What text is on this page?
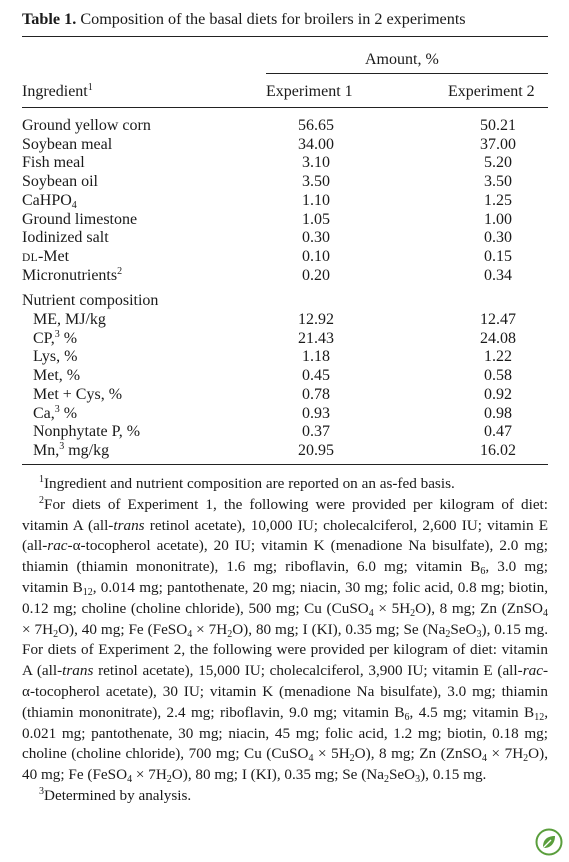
Table 1. Composition of the basal diets for broilers in 2 experiments
Amount, %
Ingredient$^1$	Experiment 1	Experiment 2
Ground yellow corn	56.65	50.21
Soybean meal	34.00	37.00
Fish meal	3.10	5.20
Soybean oil	3.50	3.50
CaHPO$_4$	1.10	1.25
Ground limestone	1.05	1.00
Iodinized salt	0.30	0.30
DL-Met	0.10	0.15
Micronutrients$^2$	0.20	0.34
Nutrient composition
ME, MJ/kg	12.92	12.47
CP,$^3$ %	21.43	24.08
Lys, %	1.18	1.22
Met, %	0.45	0.58
Met + Cys, %	0.78	0.92
Ca,$^3$ %	0.93	0.98
Nonphytate P, %	0.37	0.47
Mn,$^3$ mg/kg	20.95	16.02

$^1$Ingredient and nutrient composition are reported on an as-fed basis.

$^2$For diets of Experiment 1, the following were provided per kilogram of diet: vitamin A (all-trans retinol acetate), 10,000 IU; cholecalciferol, 2,600 IU; vitamin E (all-rac-α-tocopherol acetate), 20 IU; vitamin K (menadione Na bisulfate), 2.0 mg; thiamin (thiamin mononitrate), 1.6 mg; riboflavin, 6.0 mg; vitamin $B_6$, 3.0 mg; vitamin $B_{12}$, 0.014 mg; pantothenate, 20 mg; niacin, 30 mg; folic acid, 0.8 mg; biotin, 0.12 mg; choline (choline chloride), 500 mg; Cu (CuSO$_4$ × $5H_2O$), 8 mg; Zn (ZnSO$_4$ × $7H_2O$), 40 mg; Fe (FeSO$_4$ × $7H_2O$), 80 mg; I (KI), 0.35 mg; Se $(Na_2SeO_3)$, 0.15 mg. For diets of Experiment 2, the following were provided per kilogram of diet: vitamin A (all-trans retinol acetate), 15,000 IU; cholecalciferol, 3,900 IU; vitamin E (all-rac-α-tocopherol acetate), 30 IU; vitamin K (menadione Na bisulfate), 3.0 mg; thiamin (thiamin mononitrate), 2.4 mg; riboflavin, 9.0 mg; vitamin $B_6$, 4.5 mg; vitamin $B_{12}$, 0.021 mg; pantothenate, 30 mg; niacin, 45 mg; folic acid, 1.2 mg; biotin, 0.18 mg; choline (choline chloride), 700 mg; Cu (CuSO$_4$ × $5H_2O$), 8 mg; Zn (ZnSO$_4$ × $7H_2O$), 40 mg; Fe (FeSO$_4$ × $7H_2O$), 80 mg; I (KI), 0.35 mg; Se $(Na_2SeO_3)$, 0.15 mg.

$^3$Determined by analysis.
